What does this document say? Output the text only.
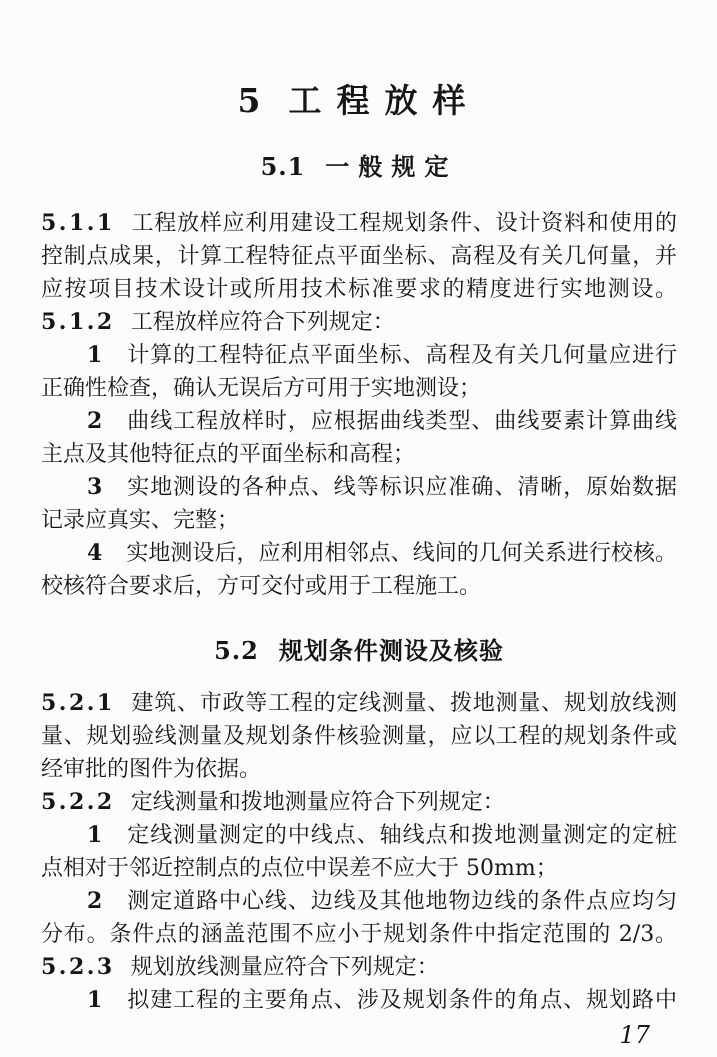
5 工程放样
5.1 一般规定
5.1.1 工程放样应利用建设工程规划条件、设计资料和使用的
控制点成果，计算工程特征点平面坐标、高程及有关几何量，并
应按项目技术设计或所用技术标准要求的精度进行实地测设。
5.1.2 工程放样应符合下列规定：
1 计算的工程特征点平面坐标、高程及有关几何量应进行
正确性检查，确认无误后方可用于实地测设；
2 曲线工程放样时，应根据曲线类型、曲线要素计算曲线
主点及其他特征点的平面坐标和高程；
3 实地测设的各种点、线等标识应准确、清晰，原始数据
记录应真实、完整；
4 实地测设后，应利用相邻点、线间的几何关系进行校核。
校核符合要求后，方可交付或用于工程施工。
5.2 规划条件测设及核验
5.2.1 建筑、市政等工程的定线测量、拨地测量、规划放线测
量、规划验线测量及规划条件核验测量，应以工程的规划条件或
经审批的图件为依据。
5.2.2 定线测量和拨地测量应符合下列规定：
1 定线测量测定的中线点、轴线点和拨地测量测定的定桩
点相对于邻近控制点的点位中误差不应大于 50mm；
2 测定道路中心线、边线及其他地物边线的条件点应均匀
分布。条件点的涵盖范围不应小于规划条件中指定范围的 2/3。
5.2.3 规划放线测量应符合下列规定：
1 拟建工程的主要角点、涉及规划条件的角点、规划路中
17
